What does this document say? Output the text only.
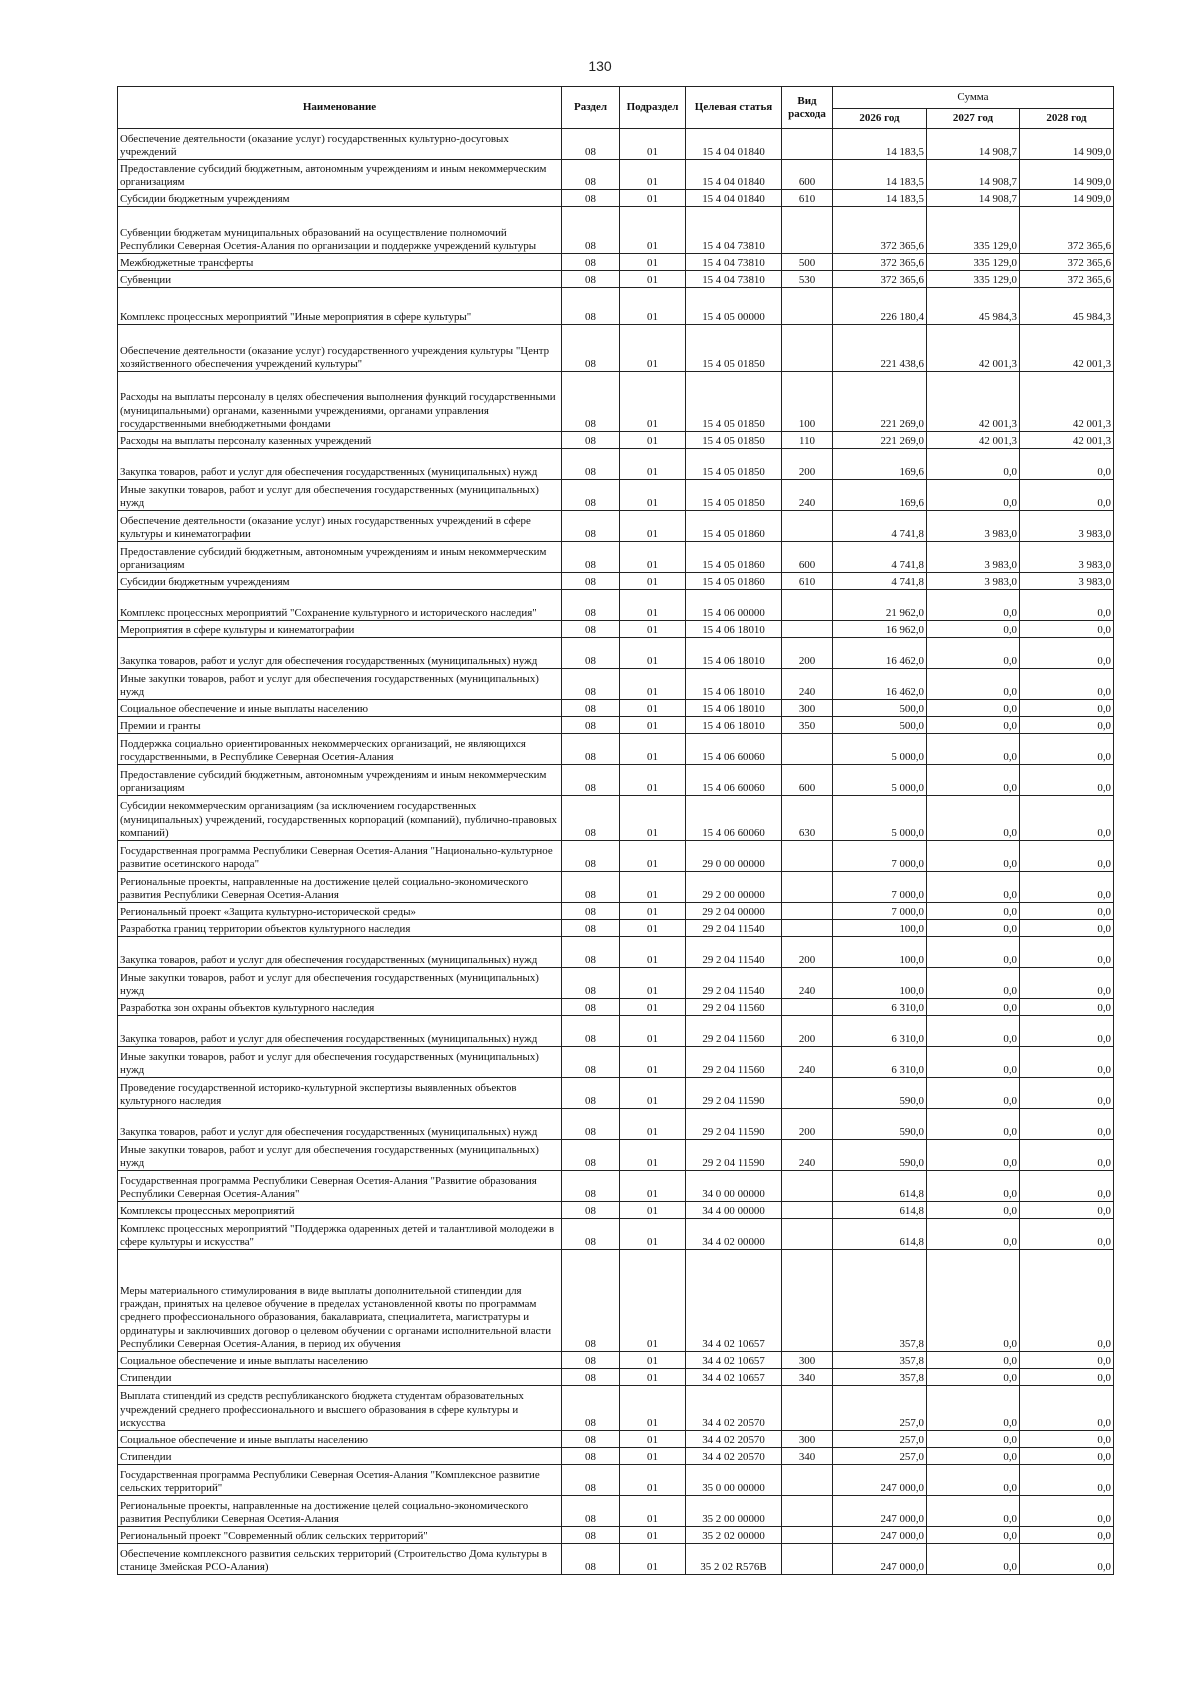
130
Наименование	Раздел	Подраздел	Целевая статья	Вид расхода	Сумма		
					2026 год	2027 год	2028 год
Обеспечение деятельности (оказание услуг) государственных культурно-досуговых учреждений	08	01	15 4 04 01840		14 183,5	14 908,7	14 909,0
Предоставление субсидий бюджетным, автономным учреждениям и иным некоммерческим организациям	08	01	15 4 04 01840	600	14 183,5	14 908,7	14 909,0
Субсидии бюджетным учреждениям	08	01	15 4 04 01840	610	14 183,5	14 908,7	14 909,0
Субвенции бюджетам муниципальных образований на осуществление полномочий Республики Северная Осетия-Алания по организации и поддержке учреждений культуры	08	01	15 4 04 73810		372 365,6	335 129,0	372 365,6
Межбюджетные трансферты	08	01	15 4 04 73810	500	372 365,6	335 129,0	372 365,6
Субвенции	08	01	15 4 04 73810	530	372 365,6	335 129,0	372 365,6
Комплекс процессных мероприятий "Иные мероприятия в сфере культуры"	08	01	15 4 05 00000		226 180,4	45 984,3	45 984,3
Обеспечение деятельности (оказание услуг) государственного учреждения культуры "Центр хозяйственного обеспечения учреждений культуры"	08	01	15 4 05 01850		221 438,6	42 001,3	42 001,3
Расходы на выплаты персоналу в целях обеспечения выполнения функций государственными (муниципальными) органами, казенными учреждениями, органами управления государственными внебюджетными фондами	08	01	15 4 05 01850	100	221 269,0	42 001,3	42 001,3
Расходы на выплаты персоналу казенных учреждений	08	01	15 4 05 01850	110	221 269,0	42 001,3	42 001,3
Закупка товаров, работ и услуг для обеспечения государственных (муниципальных) нужд	08	01	15 4 05 01850	200	169,6	0,0	0,0
Иные закупки товаров, работ и услуг для обеспечения государственных (муниципальных) нужд	08	01	15 4 05 01850	240	169,6	0,0	0,0
Обеспечение деятельности (оказание услуг) иных государственных учреждений в сфере культуры и кинематографии	08	01	15 4 05 01860		4 741,8	3 983,0	3 983,0
Предоставление субсидий бюджетным, автономным учреждениям и иным некоммерческим организациям	08	01	15 4 05 01860	600	4 741,8	3 983,0	3 983,0
Субсидии бюджетным учреждениям	08	01	15 4 05 01860	610	4 741,8	3 983,0	3 983,0
Комплекс процессных мероприятий "Сохранение культурного и исторического наследия"	08	01	15 4 06 00000		21 962,0	0,0	0,0
Мероприятия в сфере культуры и кинематографии	08	01	15 4 06 18010		16 962,0	0,0	0,0
Закупка товаров, работ и услуг для обеспечения государственных (муниципальных) нужд	08	01	15 4 06 18010	200	16 462,0	0,0	0,0
Иные закупки товаров, работ и услуг для обеспечения государственных (муниципальных) нужд	08	01	15 4 06 18010	240	16 462,0	0,0	0,0
Социальное обеспечение и иные выплаты населению	08	01	15 4 06 18010	300	500,0	0,0	0,0
Премии и гранты	08	01	15 4 06 18010	350	500,0	0,0	0,0
Поддержка социально ориентированных некоммерческих организаций, не являющихся государственными, в Республике Северная Осетия-Алания	08	01	15 4 06 60060		5 000,0	0,0	0,0
Предоставление субсидий бюджетным, автономным учреждениям и иным некоммерческим организациям	08	01	15 4 06 60060	600	5 000,0	0,0	0,0
Субсидии некоммерческим организациям (за исключением государственных (муниципальных) учреждений, государственных корпораций (компаний), публично-правовых компаний)	08	01	15 4 06 60060	630	5 000,0	0,0	0,0
Государственная программа Республики Северная Осетия-Алания "Национально-культурное развитие осетинского народа"	08	01	29 0 00 00000		7 000,0	0,0	0,0
Региональные проекты, направленные на достижение целей социально-экономического развития Республики Северная Осетия-Алания	08	01	29 2 00 00000		7 000,0	0,0	0,0
Региональный проект «Защита культурно-исторической среды»	08	01	29 2 04 00000		7 000,0	0,0	0,0
Разработка границ территории объектов культурного наследия	08	01	29 2 04 11540		100,0	0,0	0,0
Закупка товаров, работ и услуг для обеспечения государственных (муниципальных) нужд	08	01	29 2 04 11540	200	100,0	0,0	0,0
Иные закупки товаров, работ и услуг для обеспечения государственных (муниципальных) нужд	08	01	29 2 04 11540	240	100,0	0,0	0,0
Разработка зон охраны объектов культурного наследия	08	01	29 2 04 11560		6 310,0	0,0	0,0
Закупка товаров, работ и услуг для обеспечения государственных (муниципальных) нужд	08	01	29 2 04 11560	200	6 310,0	0,0	0,0
Иные закупки товаров, работ и услуг для обеспечения государственных (муниципальных) нужд	08	01	29 2 04 11560	240	6 310,0	0,0	0,0
Проведение государственной историко-культурной экспертизы выявленных объектов культурного наследия	08	01	29 2 04 11590		590,0	0,0	0,0
Закупка товаров, работ и услуг для обеспечения государственных (муниципальных) нужд	08	01	29 2 04 11590	200	590,0	0,0	0,0
Иные закупки товаров, работ и услуг для обеспечения государственных (муниципальных) нужд	08	01	29 2 04 11590	240	590,0	0,0	0,0
Государственная программа Республики Северная Осетия-Алания "Развитие образования Республики Северная Осетия-Алания"	08	01	34 0 00 00000		614,8	0,0	0,0
Комплексы процессных мероприятий	08	01	34 4 00 00000		614,8	0,0	0,0
Комплекс процессных мероприятий "Поддержка одаренных детей и талантливой молодежи в сфере культуры и искусства"	08	01	34 4 02 00000		614,8	0,0	0,0
Меры материального стимулирования в виде выплаты дополнительной стипендии для граждан, принятых на целевое обучение в пределах установленной квоты по программам среднего профессионального образования, бакалавриата, специалитета, магистратуры и ординатуры и заключивших договор о целевом обучении с органами исполнительной власти Республики Северная Осетия-Алания, в период их обучения	08	01	34 4 02 10657		357,8	0,0	0,0
Социальное обеспечение и иные выплаты населению	08	01	34 4 02 10657	300	357,8	0,0	0,0
Стипендии	08	01	34 4 02 10657	340	357,8	0,0	0,0
Выплата стипендий из средств республиканского бюджета студентам образовательных учреждений среднего профессионального и высшего образования в сфере культуры и искусства	08	01	34 4 02 20570		257,0	0,0	0,0
Социальное обеспечение и иные выплаты населению	08	01	34 4 02 20570	300	257,0	0,0	0,0
Стипендии	08	01	34 4 02 20570	340	257,0	0,0	0,0
Государственная программа Республики Северная Осетия-Алания "Комплексное развитие сельских территорий"	08	01	35 0 00 00000		247 000,0	0,0	0,0
Региональные проекты, направленные на достижение целей социально-экономического развития Республики Северная Осетия-Алания	08	01	35 2 00 00000		247 000,0	0,0	0,0
Региональный проект "Современный облик сельских территорий"	08	01	35 2 02 00000		247 000,0	0,0	0,0
Обеспечение комплексного развития сельских территорий (Строительство Дома культуры в станице Змейская РСО-Алания)	08	01	35 2 02 R576B		247 000,0	0,0	0,0
